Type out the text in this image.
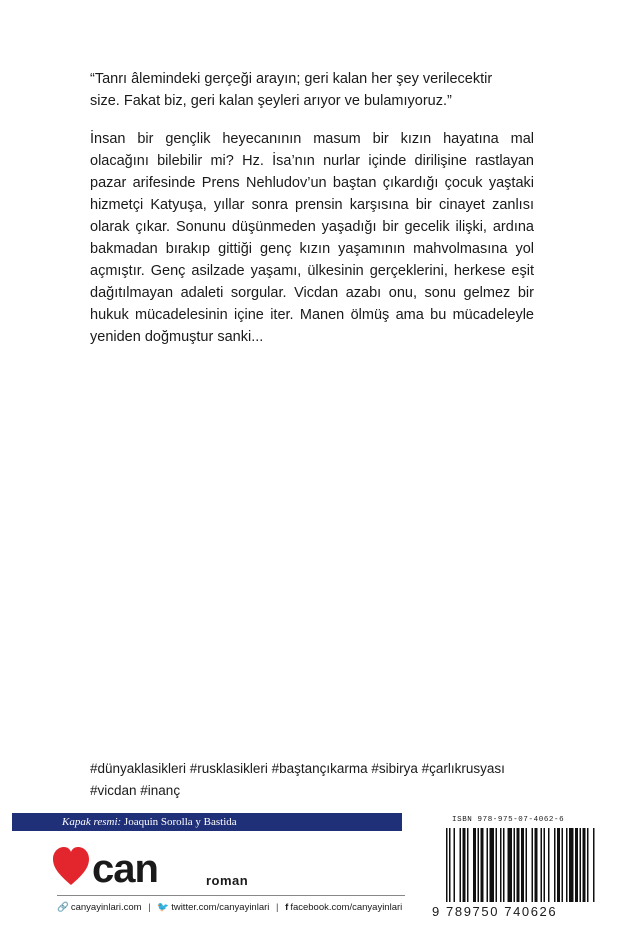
“Tanrı âlemindeki gerçeği arayın; geri kalan her şey verilecektir

size. Fakat biz, geri kalan şeyleri arıyor ve bulamıyoruz.”

İnsan bir gençlik heyecanının masum bir kızın hayatına mal olacağını bilebilir mi? Hz. İsa’nın nurlar içinde dirilişine rastlayan pazar arifesinde Prens Nehludov’un baştan çıkardığı çocuk yaştaki hizmetçi Katyuşa, yıllar sonra prensin karşısına bir cinayet zanlısı olarak çıkar. Sonunu düşünmeden yaşadığı bir gecelik ilişki, ardına bakmadan bırakıp gittiği genç kızın yaşamının mahvolmasına yol açmıştır. Genç asilzade yaşamı, ülkesinin gerçeklerini, herkese eşit dağıtılmayan adaleti sorgular. Vicdan azabı onu, sonu gelmez bir hukuk mücadelesinin içine iter. Manen ölmüş ama bu mücadeleyle yeniden doğmuştur sanki...

#dünyaklasikleri #rusklasikleri #baştançıkarma #sibirya #çarlıkrusyası
#vicdan #inanç
Kapak resmi: Joaquin Sorolla y Bastida
can	roman
🔗 canyayinlari.com | 🐦 twitter.com/canyayinlari | f facebook.com/canyayinlari
ISBN 978-975-07-4062-6
9 789750 740626
